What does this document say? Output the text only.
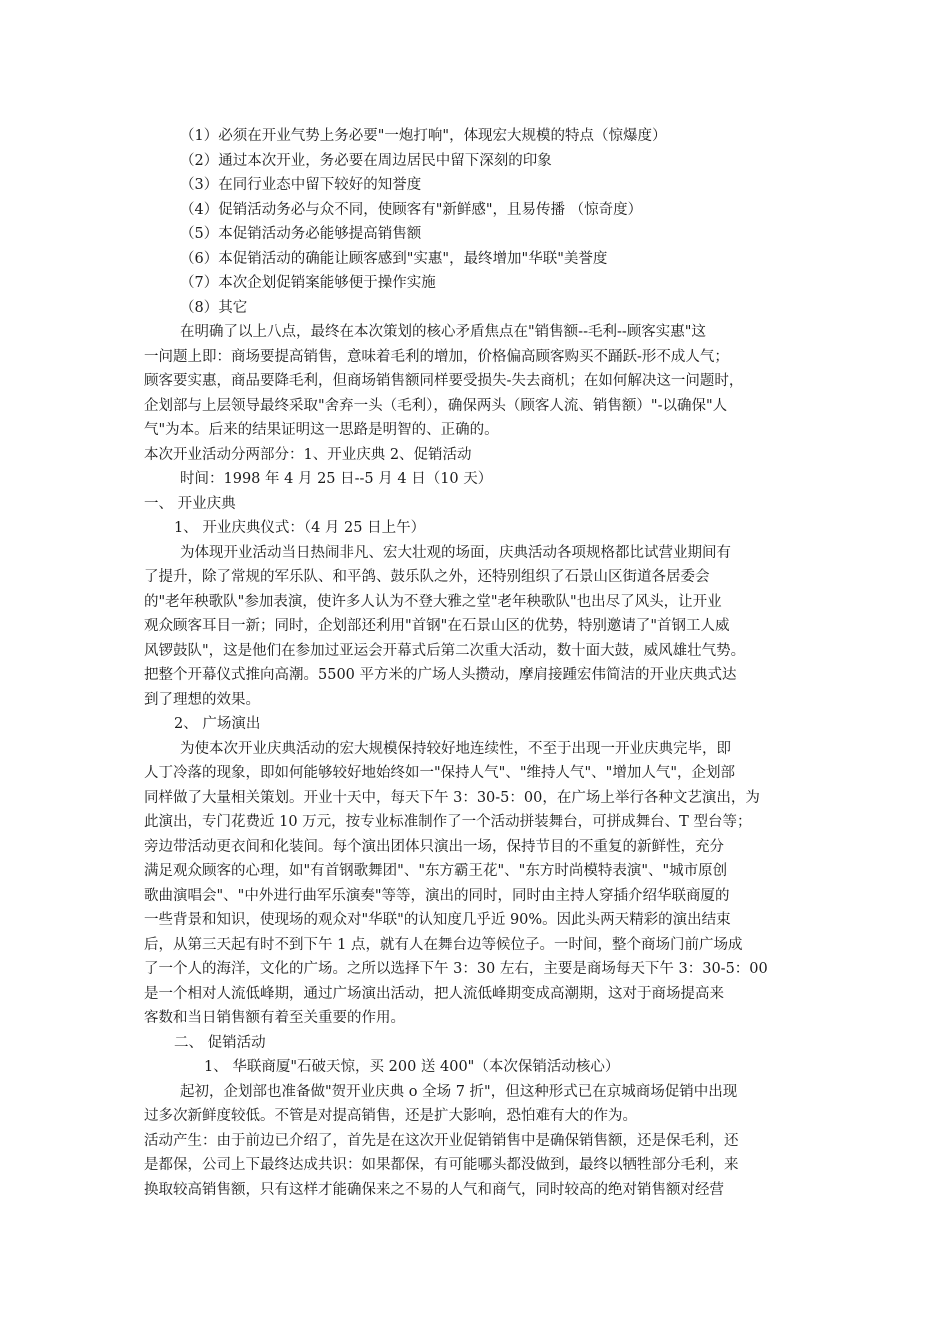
（1）必须在开业气势上务必要"一炮打响"，体现宏大规模的特点（惊爆度）
（2）通过本次开业，务必要在周边居民中留下深刻的印象
（3）在同行业态中留下较好的知誉度
（4）促销活动务必与众不同，使顾客有"新鲜感"，且易传播 （惊奇度）
（5）本促销活动务必能够提高销售额
（6）本促销活动的确能让顾客感到"实惠"，最终增加"华联"美誉度
（7）本次企划促销案能够便于操作实施
（8）其它
在明确了以上八点，最终在本次策划的核心矛盾焦点在"销售额--毛利--顾客实惠"这
一问题上即：商场要提高销售，意味着毛利的增加，价格偏高顾客购买不踊跃-形不成人气；
顾客要实惠，商品要降毛利，但商场销售额同样要受损失-失去商机；在如何解决这一问题时，
企划部与上层领导最终采取"舍弃一头（毛利），确保两头（顾客人流、销售额）"-以确保"人
气"为本。后来的结果证明这一思路是明智的、正确的。
本次开业活动分两部分：1、开业庆典 2、促销活动
时间：1998 年 4 月 25 日--5 月 4 日（10 天）
一、 开业庆典
1、 开业庆典仪式：（4 月 25 日上午）
为体现开业活动当日热闹非凡、宏大壮观的场面，庆典活动各项规格都比试营业期间有
了提升，除了常规的军乐队、和平鸽、鼓乐队之外，还特别组织了石景山区街道各居委会
的"老年秧歌队"参加表演，使许多人认为不登大雅之堂"老年秧歌队"也出尽了风头，让开业
观众顾客耳目一新；同时，企划部还利用"首钢"在石景山区的优势，特别邀请了"首钢工人威
风锣鼓队"，这是他们在参加过亚运会开幕式后第二次重大活动，数十面大鼓，威风雄壮气势。
把整个开幕仪式推向高潮。5500 平方米的广场人头攒动，摩肩接踵宏伟简洁的开业庆典式达
到了理想的效果。
2、 广场演出
为使本次开业庆典活动的宏大规模保持较好地连续性，不至于出现一开业庆典完毕，即
人丁冷落的现象，即如何能够较好地始终如一"保持人气"、"维持人气"、"增加人气"，企划部
同样做了大量相关策划。开业十天中，每天下午 3：30-5：00，在广场上举行各种文艺演出，为
此演出，专门花费近 10 万元，按专业标准制作了一个活动拼装舞台，可拼成舞台、T 型台等；
旁边带活动更衣间和化装间。每个演出团体只演出一场，保持节目的不重复的新鲜性，充分
满足观众顾客的心理，如"有首钢歌舞团"、"东方霸王花"、"东方时尚模特表演"、"城市原创
歌曲演唱会"、"中外进行曲军乐演奏"等等，演出的同时，同时由主持人穿插介绍华联商厦的
一些背景和知识，使现场的观众对"华联"的认知度几乎近 90%。因此头两天精彩的演出结束
后，从第三天起有时不到下午 1 点，就有人在舞台边等候位子。一时间，整个商场门前广场成
了一个人的海洋，文化的广场。之所以选择下午 3：30 左右，主要是商场每天下午 3：30-5：00
是一个相对人流低峰期，通过广场演出活动，把人流低峰期变成高潮期，这对于商场提高来
客数和当日销售额有着至关重要的作用。
二、 促销活动
1、 华联商厦"石破天惊，买 200 送 400"（本次保销活动核心）
起初，企划部也准备做"贺开业庆典 o 全场 7 折"，但这种形式已在京城商场促销中出现
过多次新鲜度较低。不管是对提高销售，还是扩大影响，恐怕难有大的作为。
活动产生：由于前边已介绍了，首先是在这次开业促销销售中是确保销售额，还是保毛利，还
是都保，公司上下最终达成共识：如果都保，有可能哪头都没做到，最终以牺牲部分毛利，来
换取较高销售额，只有这样才能确保来之不易的人气和商气，同时较高的绝对销售额对经营
